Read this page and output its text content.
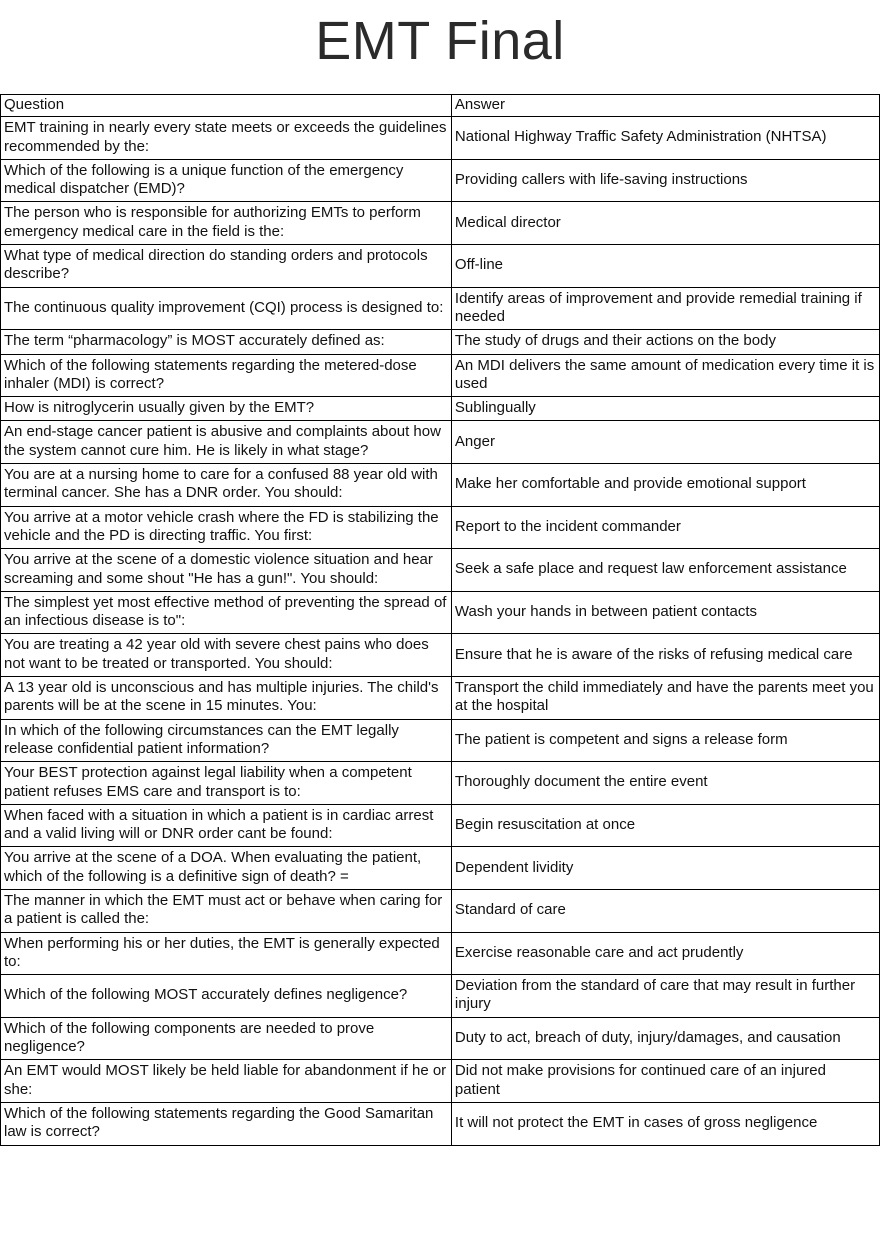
EMT Final
Question	Answer
EMT training in nearly every state meets or exceeds the guidelines recommended by the:	National Highway Traffic Safety Administration (NHTSA)
Which of the following is a unique function of the emergency medical dispatcher (EMD)?	Providing callers with life-saving instructions
The person who is responsible for authorizing EMTs to perform emergency medical care in the field is the:	Medical director
What type of medical direction do standing orders and protocols describe?	Off-line
The continuous quality improvement (CQI) process is designed to:	Identify areas of improvement and provide remedial training if needed
The term “pharmacology” is MOST accurately defined as:	The study of drugs and their actions on the body
Which of the following statements regarding the metered-dose inhaler (MDI) is correct?	An MDI delivers the same amount of medication every time it is used
How is nitroglycerin usually given by the EMT?	Sublingually
An end-stage cancer patient is abusive and complaints about how the system cannot cure him. He is likely in what stage?	Anger
You are at a nursing home to care for a confused 88 year old with terminal cancer. She has a DNR order. You should:	Make her comfortable and provide emotional support
You arrive at a motor vehicle crash where the FD is stabilizing the vehicle and the PD is directing traffic. You first:	Report to the incident commander
You arrive at the scene of a domestic violence situation and hear screaming and some shout "He has a gun!". You should:	Seek a safe place and request law enforcement assistance
The simplest yet most effective method of preventing the spread of an infectious disease is to":	Wash your hands in between patient contacts
You are treating a 42 year old with severe chest pains who does not want to be treated or transported. You should:	Ensure that he is aware of the risks of refusing medical care
A 13 year old is unconscious and has multiple injuries. The child's parents will be at the scene in 15 minutes. You:	Transport the child immediately and have the parents meet you at the hospital
In which of the following circumstances can the EMT legally release confidential patient information?	The patient is competent and signs a release form
Your BEST protection against legal liability when a competent patient refuses EMS care and transport is to:	Thoroughly document the entire event
When faced with a situation in which a patient is in cardiac arrest and a valid living will or DNR order cant be found:	Begin resuscitation at once
You arrive at the scene of a DOA. When evaluating the patient, which of the following is a definitive sign of death? =	Dependent lividity
The manner in which the EMT must act or behave when caring for a patient is called the:	Standard of care
When performing his or her duties, the EMT is generally expected to:	Exercise reasonable care and act prudently
Which of the following MOST accurately defines negligence?	Deviation from the standard of care that may result in further injury
Which of the following components are needed to prove negligence?	Duty to act, breach of duty, injury/damages, and causation
An EMT would MOST likely be held liable for abandonment if he or she:	Did not make provisions for continued care of an injured patient
Which of the following statements regarding the Good Samaritan law is correct?	It will not protect the EMT in cases of gross negligence
